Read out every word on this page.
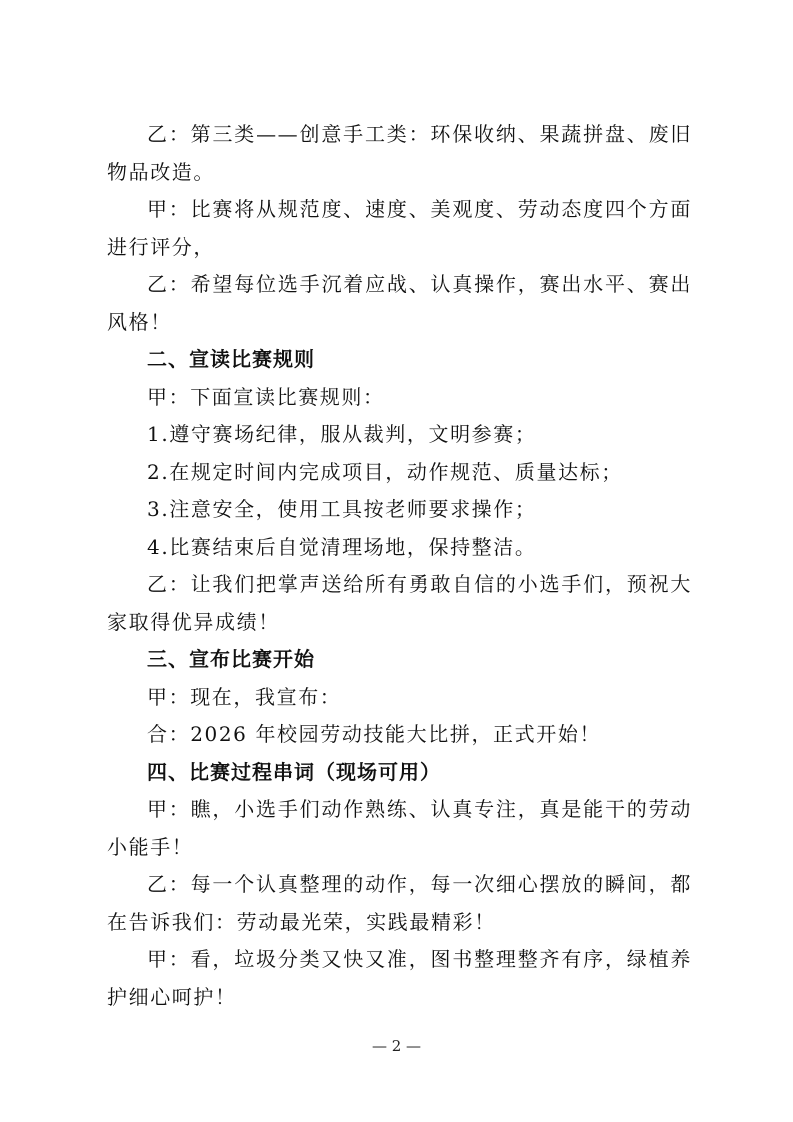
乙：第三类——创意手工类：环保收纳、果蔬拼盘、废旧物品改造。

甲：比赛将从规范度、速度、美观度、劳动态度四个方面进行评分，

乙：希望每位选手沉着应战、认真操作，赛出水平、赛出风格！

二、宣读比赛规则

甲：下面宣读比赛规则：

1.遵守赛场纪律，服从裁判，文明参赛；

2.在规定时间内完成项目，动作规范、质量达标；

3.注意安全，使用工具按老师要求操作；

4.比赛结束后自觉清理场地，保持整洁。

乙：让我们把掌声送给所有勇敢自信的小选手们，预祝大家取得优异成绩！

三、宣布比赛开始

甲：现在，我宣布：

合：2026 年校园劳动技能大比拼，正式开始！

四、比赛过程串词（现场可用）

甲：瞧，小选手们动作熟练、认真专注，真是能干的劳动小能手！

乙：每一个认真整理的动作，每一次细心摆放的瞬间，都在告诉我们：劳动最光荣，实践最精彩！

甲：看，垃圾分类又快又准，图书整理整齐有序，绿植养护细心呵护！

— 2 —
